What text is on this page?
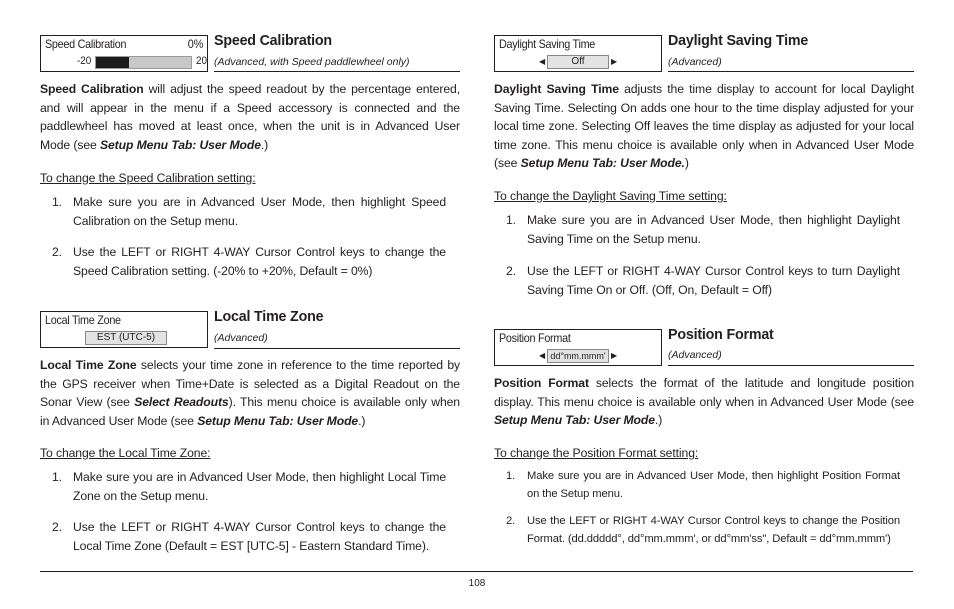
Speed Calibration	0%
-20	20
Speed Calibration
(Advanced, with Speed paddlewheel only)
Speed Calibration will adjust the speed readout by the percentage entered, and will appear in the menu if a Speed accessory is connected and the paddlewheel has moved at least once, when the unit is in Advanced User Mode (see Setup Menu Tab: User Mode.)
To change the Speed Calibration setting:
1. Make sure you are in Advanced User Mode, then highlight Speed Calibration on the Setup menu.
2. Use the LEFT or RIGHT 4-WAY Cursor Control keys to change the Speed Calibration setting. (-20% to +20%, Default = 0%)
Local Time Zone
EST (UTC-5)
Local Time Zone
(Advanced)
Local Time Zone selects your time zone in reference to the time reported by the GPS receiver when Time+Date is selected as a Digital Readout on the Sonar View (see Select Readouts). This menu choice is available only when in Advanced User Mode (see Setup Menu Tab: User Mode.)
To change the Local Time Zone:
1. Make sure you are in Advanced User Mode, then highlight Local Time Zone on the Setup menu.
2. Use the LEFT or RIGHT 4-WAY Cursor Control keys to change the Local Time Zone (Default = EST [UTC-5] - Eastern Standard Time).
Daylight Saving Time
◀	Off	▶
Daylight Saving Time
(Advanced)
Daylight Saving Time adjusts the time display to account for local Daylight Saving Time. Selecting On adds one hour to the time display adjusted for your local time zone. Selecting Off leaves the time display as adjusted for your local time zone. This menu choice is available only when in Advanced User Mode (see Setup Menu Tab: User Mode.)
To change the Daylight Saving Time setting:
1. Make sure you are in Advanced User Mode, then highlight Daylight Saving Time on the Setup menu.
2. Use the LEFT or RIGHT 4-WAY Cursor Control keys to turn Daylight Saving Time On or Off. (Off, On, Default = Off)
Position Format
◀ dd°mm.mmm' ▶
Position Format
(Advanced)
Position Format selects the format of the latitude and longitude position display. This menu choice is available only when in Advanced User Mode (see Setup Menu Tab: User Mode.)
To change the Position Format setting:
1. Make sure you are in Advanced User Mode, then highlight Position Format on the Setup menu.
2. Use the LEFT or RIGHT 4-WAY Cursor Control keys to change the Position Format. (dd.ddddd°, dd°mm.mmm', or dd°mm'ss", Default = dd°mm.mmm')
108
